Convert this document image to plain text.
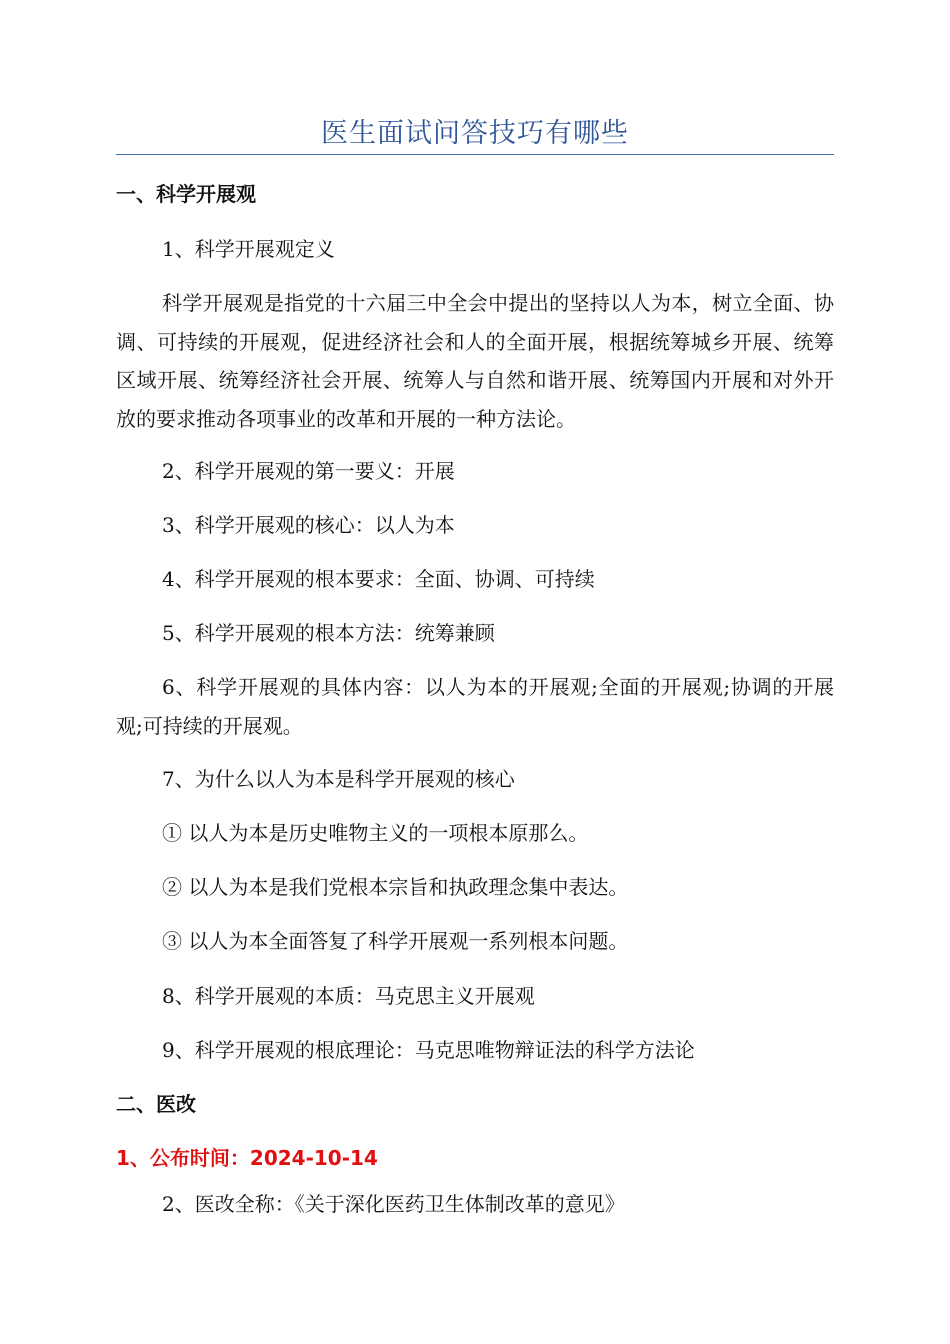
医生面试问答技巧有哪些
一、科学开展观
1、科学开展观定义
科学开展观是指党的十六届三中全会中提出的坚持以人为本，树立全面、协调、可持续的开展观，促进经济社会和人的全面开展，根据统筹城乡开展、统筹区域开展、统筹经济社会开展、统筹人与自然和谐开展、统筹国内开展和对外开放的要求推动各项事业的改革和开展的一种方法论。
2、科学开展观的第一要义：开展
3、科学开展观的核心：以人为本
4、科学开展观的根本要求：全面、协调、可持续
5、科学开展观的根本方法：统筹兼顾
6、科学开展观的具体内容：以人为本的开展观;全面的开展观;协调的开展观;可持续的开展观。
7、为什么以人为本是科学开展观的核心
① 以人为本是历史唯物主义的一项根本原那么。
② 以人为本是我们党根本宗旨和执政理念集中表达。
③ 以人为本全面答复了科学开展观一系列根本问题。
8、科学开展观的本质：马克思主义开展观
9、科学开展观的根底理论：马克思唯物辩证法的科学方法论
二、医改
1、公布时间：2024-10-14
2、医改全称：《关于深化医药卫生体制改革的意见》
